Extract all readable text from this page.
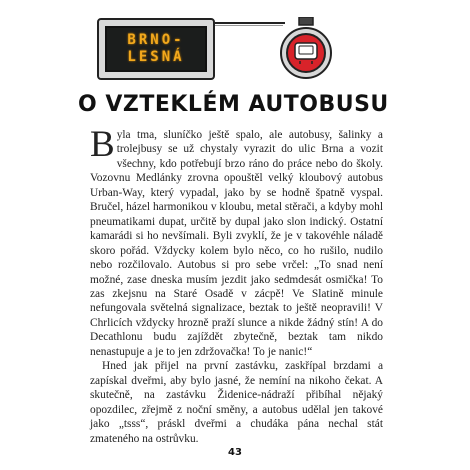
BRNO-
LESNÁ
O VZTEKLÉM AUTOBUSU

Byla tma, sluníčko ještě spalo, ale autobusy, šalinky a trolejbusy se už chystaly vyrazit do ulic Brna a vozit všechny, kdo potřebují brzo ráno do práce nebo do školy. Vozovnu Medlánky zrovna opouštěl velký kloubový autobus Urban-Way, který vypadal, jako by se hodně špatně vyspal. Bručel, házel harmonikou v kloubu, metal stěrači, a kdyby mohl pneumatikami dupat, určitě by dupal jako slon indický. Ostatní kamarádi si ho nevšímali. Byli zvyklí, že je v takovéhle náladě skoro pořád. Vždycky kolem bylo něco, co ho rušilo, nudilo nebo rozčilovalo. Autobus si pro sebe vrčel: „To snad není možné, zase dneska musím jezdit jako sedmdesát osmička! To zas zkejsnu na Staré Osadě v zácpě! Ve Slatině minule nefungovala světelná signalizace, beztak to ještě neopravili! V Chrlicích vždycky hrozně praží slunce a nikde žádný stín! A do Decathlonu budu zajíždět zbytečně, beztak tam nikdo nenastupuje a je to jen zdržovačka! To je nanic!“

Hned jak přijel na první zastávku, zaskřípal brzdami a zapískal dveřmi, aby bylo jasné, že nemíní na nikoho čekat. A skutečně, na zastávku Židenice-nádraží přibíhal nějaký opozdilec, zřejmě z noční směny, a autobus udělal jen takové jako „tsss“, práskl dveřmi a chudáka pána nechal stát zmateného na ostrůvku.

43
